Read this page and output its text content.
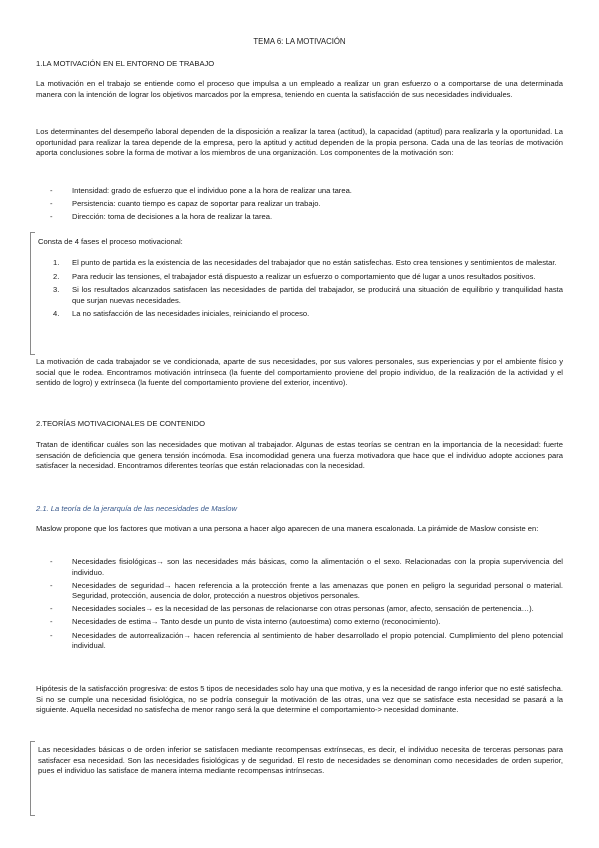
TEMA 6: LA MOTIVACIÓN
1.LA MOTIVACIÓN EN EL ENTORNO DE TRABAJO

La motivación en el trabajo se entiende como el proceso que impulsa a un empleado a realizar un gran esfuerzo o a comportarse de una determinada manera con la intención de lograr los objetivos marcados por la empresa, teniendo en cuenta la satisfacción de sus necesidades individuales.

Los determinantes del desempeño laboral dependen de la disposición a realizar la tarea (actitud), la capacidad (aptitud) para realizarla y la oportunidad. La oportunidad para realizar la tarea depende de la empresa, pero la aptitud y actitud dependen de la propia persona. Cada una de las teorías de motivación aporta conclusiones sobre la forma de motivar a los miembros de una organización. Los componentes de la motivación son:

-	Intensidad: grado de esfuerzo que el individuo pone a la hora de realizar una tarea.
-	Persistencia: cuanto tiempo es capaz de soportar para realizar un trabajo.
-	Dirección: toma de decisiones a la hora de realizar la tarea.
Consta de 4 fases el proceso motivacional:
1. El punto de partida es la existencia de las necesidades del trabajador que no están satisfechas. Esto crea tensiones y sentimientos de malestar.
2. Para reducir las tensiones, el trabajador está dispuesto a realizar un esfuerzo o comportamiento que dé lugar a unos resultados positivos.
3. Si los resultados alcanzados satisfacen las necesidades de partida del trabajador, se producirá una situación de equilibrio y tranquilidad hasta que surjan nuevas necesidades.
4. La no satisfacción de las necesidades iniciales, reiniciando el proceso.

La motivación de cada trabajador se ve condicionada, aparte de sus necesidades, por sus valores personales, sus experiencias y por el ambiente físico y social que le rodea. Encontramos motivación intrínseca (la fuente del comportamiento proviene del propio individuo, de la realización de la actividad y el sentido de logro) y extrínseca (la fuente del comportamiento proviene del exterior, incentivo).

2.TEORÍAS MOTIVACIONALES DE CONTENIDO

Tratan de identificar cuáles son las necesidades que motivan al trabajador. Algunas de estas teorías se centran en la importancia de la necesidad: fuerte sensación de deficiencia que genera tensión incómoda. Esa incomodidad genera una fuerza motivadora que hace que el individuo adopte acciones para satisfacer la necesidad. Encontramos diferentes teorías que están relacionadas con la necesidad.

2.1. La teoría de la jerarquía de las necesidades de Maslow

Maslow propone que los factores que motivan a una persona a hacer algo aparecen de una manera escalonada. La pirámide de Maslow consiste en:

-	Necesidades fisiológicas→ son las necesidades más básicas, como la alimentación o el sexo. Relacionadas con la propia supervivencia del individuo.
-	Necesidades de seguridad→ hacen referencia a la protección frente a las amenazas que ponen en peligro la seguridad personal o material. Seguridad, protección, ausencia de dolor, protección a nuestros objetivos personales.
-	Necesidades sociales→ es la necesidad de las personas de relacionarse con otras personas (amor, afecto, sensación de pertenencia…).
-	Necesidades de estima→ Tanto desde un punto de vista interno (autoestima) como externo (reconocimiento).
-	Necesidades de autorrealización→ hacen referencia al sentimiento de haber desarrollado el propio potencial. Cumplimiento del pleno potencial individual.

Hipótesis de la satisfacción progresiva: de estos 5 tipos de necesidades solo hay una que motiva, y es la necesidad de rango inferior que no esté satisfecha. Si no se cumple una necesidad fisiológica, no se podría conseguir la motivación de las otras, una vez que se satisface esta necesidad se pasará a la siguiente. Aquella necesidad no satisfecha de menor rango será la que determine el comportamiento-> necesidad dominante.

Las necesidades básicas o de orden inferior se satisfacen mediante recompensas extrínsecas, es decir, el individuo necesita de terceras personas para satisfacer esa necesidad. Son las necesidades fisiológicas y de seguridad. El resto de necesidades se denominan como necesidades de orden superior, pues el individuo las satisface de manera interna mediante recompensas intrínsecas.
